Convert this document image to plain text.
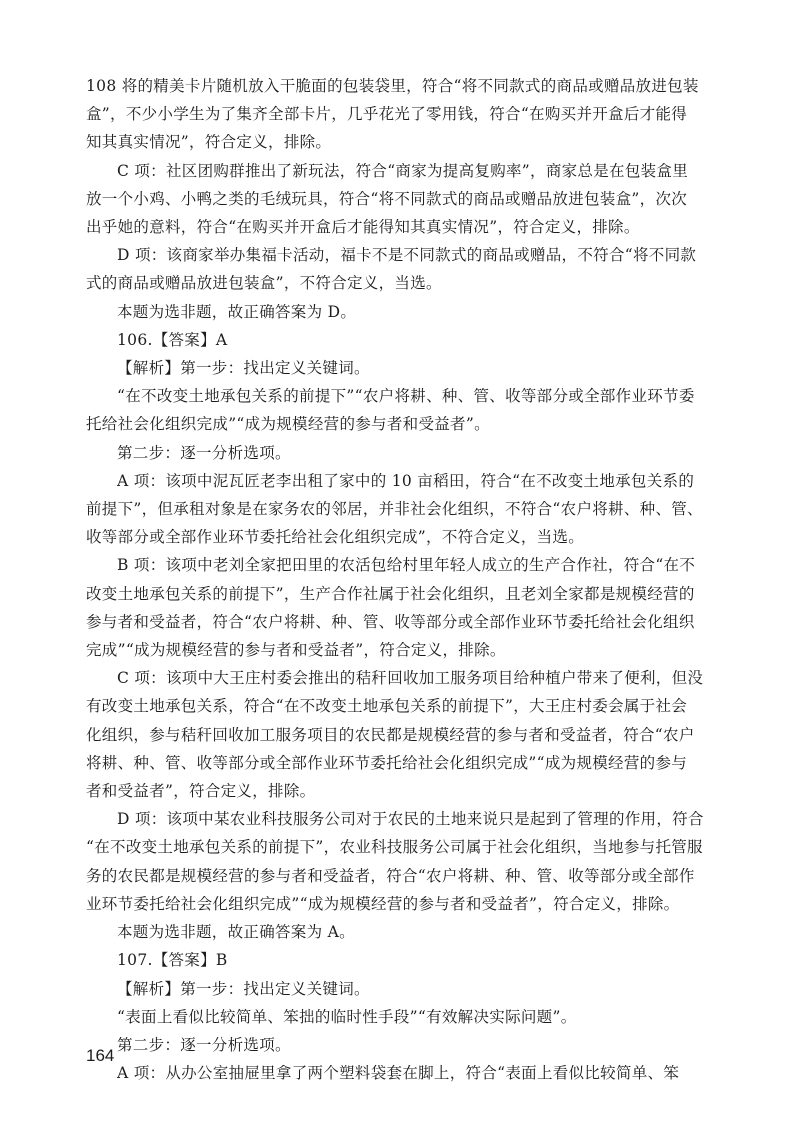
108 将的精美卡片随机放入干脆面的包装袋里，符合“将不同款式的商品或赠品放进包装
盒”，不少小学生为了集齐全部卡片，几乎花光了零用钱，符合“在购买并开盒后才能得
知其真实情况”，符合定义，排除。
C 项：社区团购群推出了新玩法，符合“商家为提高复购率”，商家总是在包装盒里
放一个小鸡、小鸭之类的毛绒玩具，符合“将不同款式的商品或赠品放进包装盒”，次次
出乎她的意料，符合“在购买并开盒后才能得知其真实情况”，符合定义，排除。
D 项：该商家举办集福卡活动，福卡不是不同款式的商品或赠品，不符合“将不同款
式的商品或赠品放进包装盒”，不符合定义，当选。
本题为选非题，故正确答案为 D。
106.【答案】A
【解析】第一步：找出定义关键词。
“在不改变土地承包关系的前提下”“农户将耕、种、管、收等部分或全部作业环节委
托给社会化组织完成”“成为规模经营的参与者和受益者”。
第二步：逐一分析选项。
A 项：该项中泥瓦匠老李出租了家中的 10 亩稻田，符合“在不改变土地承包关系的
前提下”，但承租对象是在家务农的邻居，并非社会化组织，不符合“农户将耕、种、管、
收等部分或全部作业环节委托给社会化组织完成”，不符合定义，当选。
B 项：该项中老刘全家把田里的农活包给村里年轻人成立的生产合作社，符合“在不
改变土地承包关系的前提下”，生产合作社属于社会化组织，且老刘全家都是规模经营的
参与者和受益者，符合“农户将耕、种、管、收等部分或全部作业环节委托给社会化组织
完成”“成为规模经营的参与者和受益者”，符合定义，排除。
C 项：该项中大王庄村委会推出的秸秆回收加工服务项目给种植户带来了便利，但没
有改变土地承包关系，符合“在不改变土地承包关系的前提下”，大王庄村委会属于社会
化组织，参与秸秆回收加工服务项目的农民都是规模经营的参与者和受益者，符合“农户
将耕、种、管、收等部分或全部作业环节委托给社会化组织完成”“成为规模经营的参与
者和受益者”，符合定义，排除。
D 项：该项中某农业科技服务公司对于农民的土地来说只是起到了管理的作用，符合
“在不改变土地承包关系的前提下”，农业科技服务公司属于社会化组织，当地参与托管服
务的农民都是规模经营的参与者和受益者，符合“农户将耕、种、管、收等部分或全部作
业环节委托给社会化组织完成”“成为规模经营的参与者和受益者”，符合定义，排除。
本题为选非题，故正确答案为 A。
107.【答案】B
【解析】第一步：找出定义关键词。
“表面上看似比较简单、笨拙的临时性手段”“有效解决实际问题”。
第二步：逐一分析选项。
A 项：从办公室抽屉里拿了两个塑料袋套在脚上，符合“表面上看似比较简单、笨
164
